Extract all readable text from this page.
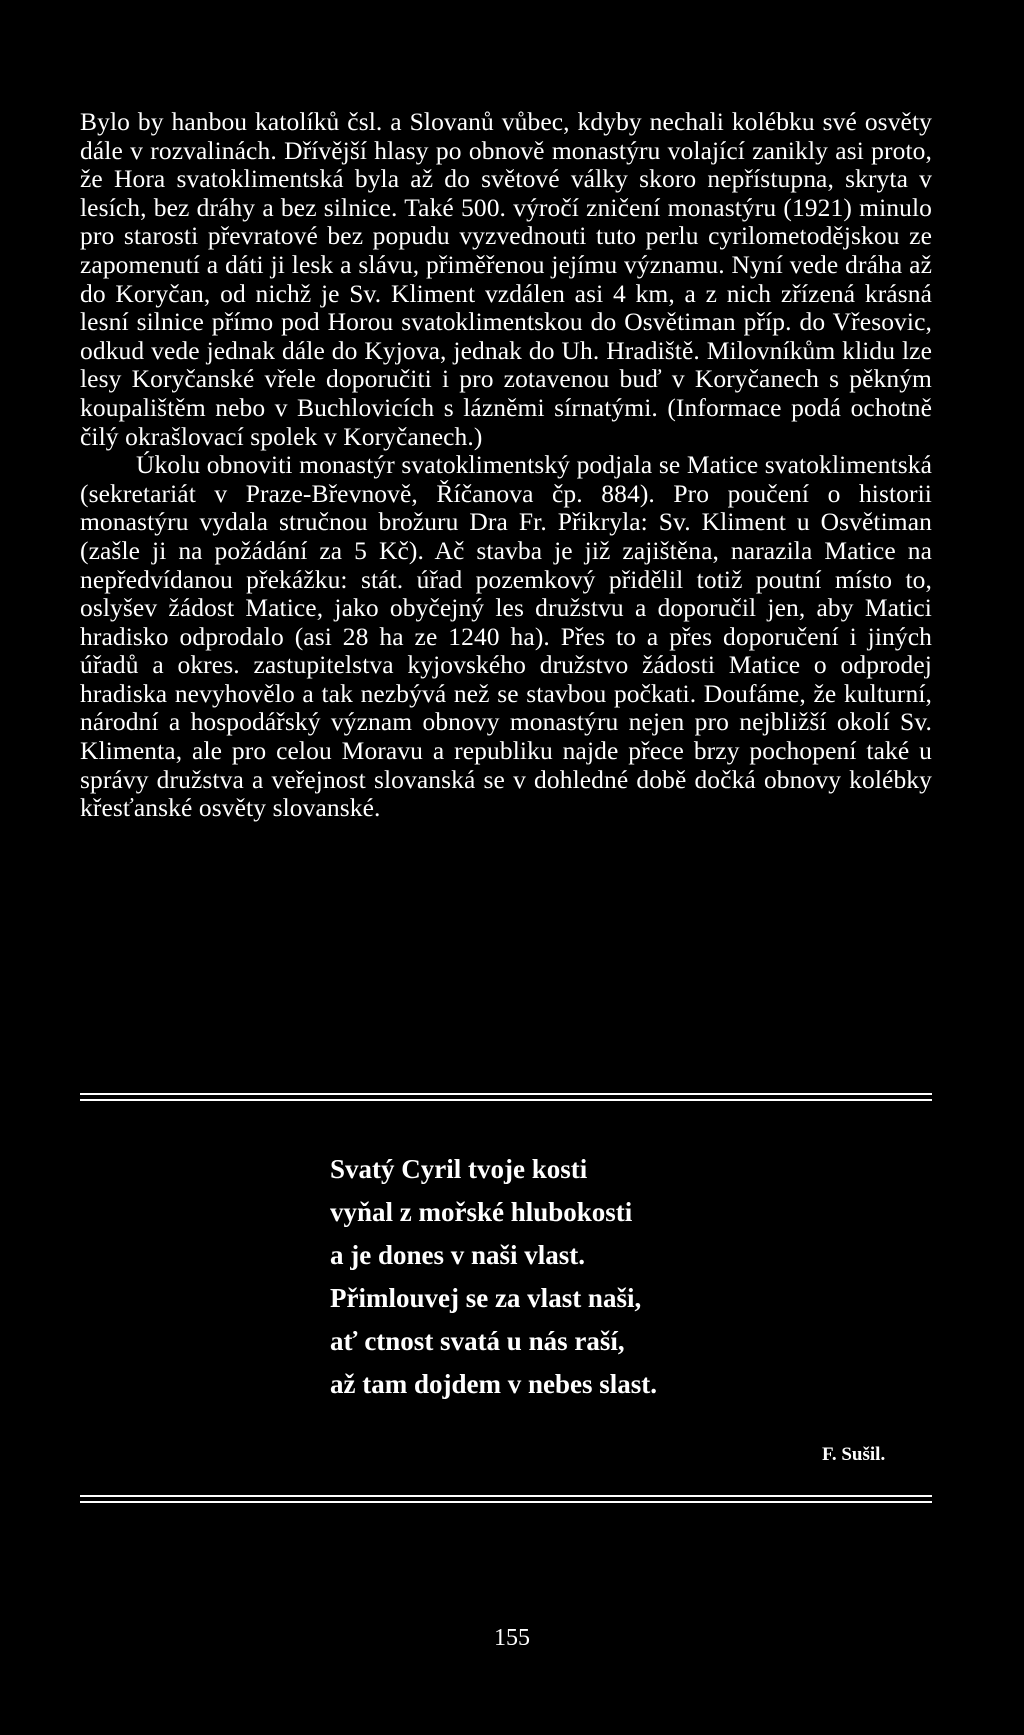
Bylo by hanbou katolíků čsl. a Slovanů vůbec, kdyby nechali kolébku své osvěty dále v rozvalinách. Dřívější hlasy po obnově monastýru volající zanikly asi proto, že Hora svatoklimentská byla až do světové války skoro nepřístupna, skryta v lesích, bez dráhy a bez silnice. Také 500. výročí zničení monastýru (1921) minulo pro starosti převratové bez popudu vyzvednouti tuto perlu cyrilometodějskou ze zapomenutí a dáti ji lesk a slávu, přiměřenou jejímu významu. Nyní vede dráha až do Koryčan, od nichž je Sv. Kliment vzdálen asi 4 km, a z nich zřízená krásná lesní silnice přímo pod Horou svatoklimentskou do Osvětiman příp. do Vřesovic, odkud vede jednak dále do Kyjova, jednak do Uh. Hradiště. Milovníkům klidu lze lesy Koryčanské vřele doporučiti i pro zotavenou buď v Koryčanech s pěkným koupalištěm nebo v Buchlovicích s lázněmi sírnatými. (Informace podá ochotně čilý okrašlovací spolek v Koryčanech.)

Úkolu obnoviti monastýr svatoklimentský podjala se Matice svatoklimentská (sekretariát v Praze-Břevnově, Říčanova čp. 884). Pro poučení o historii monastýru vydala stručnou brožuru Dra Fr. Přikryla: Sv. Kliment u Osvětiman (zašle ji na požádání za 5 Kč). Ač stavba je již zajištěna, narazila Matice na nepředvídanou překážku: stát. úřad pozemkový přidělil totiž poutní místo to, oslyšev žádost Matice, jako obyčejný les družstvu a doporučil jen, aby Matici hradisko odprodalo (asi 28 ha ze 1240 ha). Přes to a přes doporučení i jiných úřadů a okres. zastupitelstva kyjovského družstvo žádosti Matice o odprodej hradiska nevyhovělo a tak nezbývá než se stavbou počkati. Doufáme, že kulturní, národní a hospodářský význam obnovy monastýru nejen pro nejbližší okolí Sv. Klimenta, ale pro celou Moravu a republiku najde přece brzy pochopení také u správy družstva a veřejnost slovanská se v dohledné době dočká obnovy kolébky křesťanské osvěty slovanské.

Svatý Cyril tvoje kosti
vyňal z mořské hlubokosti
a je dones v naši vlast.
Přimlouvej se za vlast naši,
ať ctnost svatá u nás raší,
až tam dojdem v nebes slast.
F. Sušil.
155
